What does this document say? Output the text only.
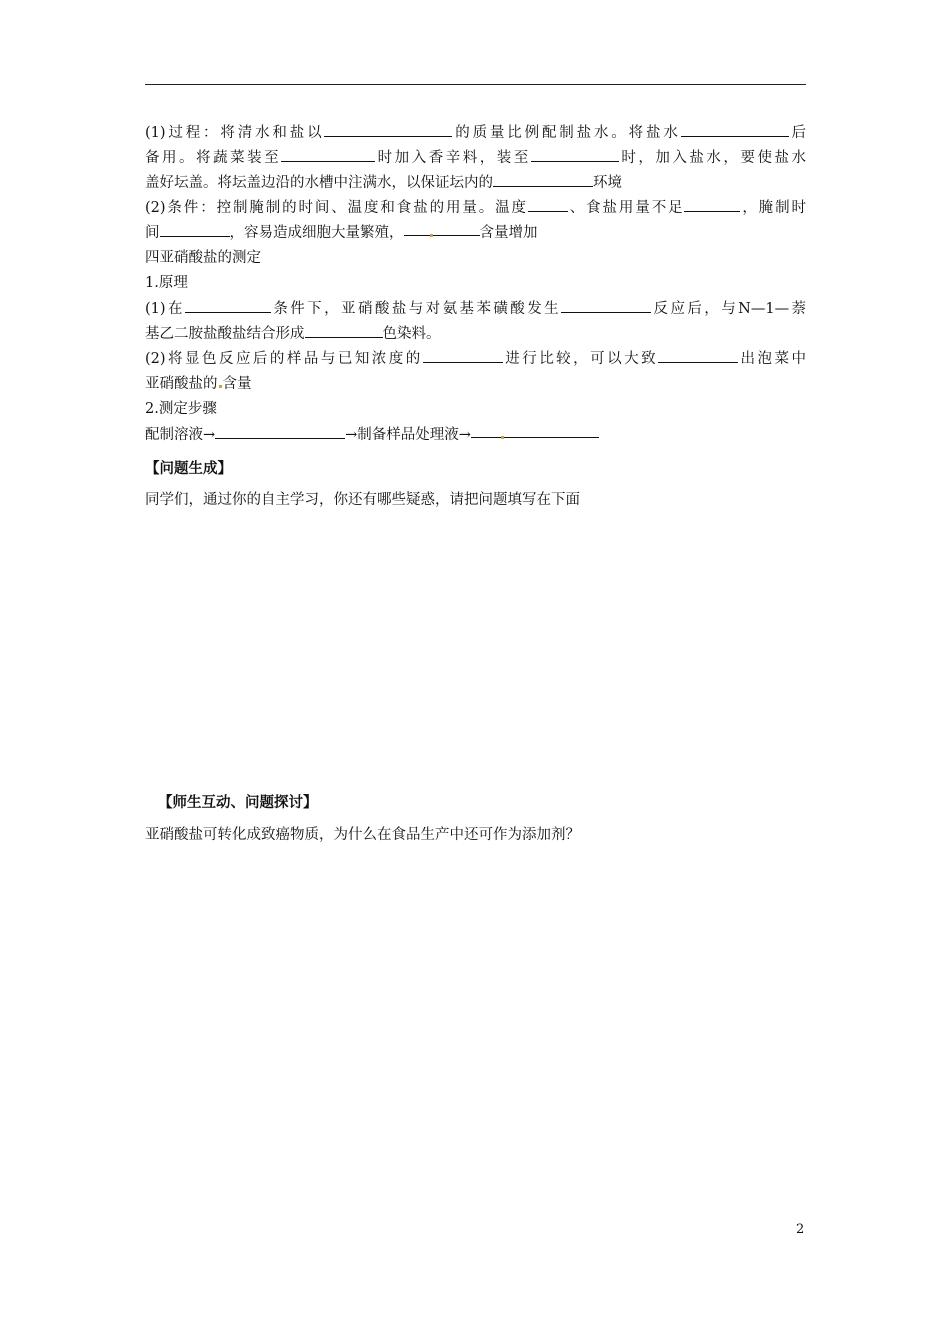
(1)过程：将清水和盐以	的质量比例配制盐水。将盐水	后
备用。将蔬菜装至	时加入香辛料，装至	时，加入盐水，要使盐水
盖好坛盖。将坛盖边沿的水槽中注满水，以保证坛内的	环境
(2)条件：控制腌制的时间、温度和食盐的用量。温度	、食盐用量不足	，腌制时
间	，容易造成细胞大量繁殖，	含量增加
四亚硝酸盐的测定
1.原理
(1)在	条件下，亚硝酸盐与对氨基苯磺酸发生	反应后，与N—1—萘
基乙二胺盐酸盐结合形成	色染料。
(2)将显色反应后的样品与已知浓度的	进行比较，可以大致	出泡菜中
亚硝酸盐的 含量
2.测定步骤
配制溶液→	→制备样品处理液→
【问题生成】
同学们，通过你的自主学习，你还有哪些疑惑，请把问题填写在下面
【师生互动、问题探讨】
亚硝酸盐可转化成致癌物质，为什么在食品生产中还可作为添加剂？
2
